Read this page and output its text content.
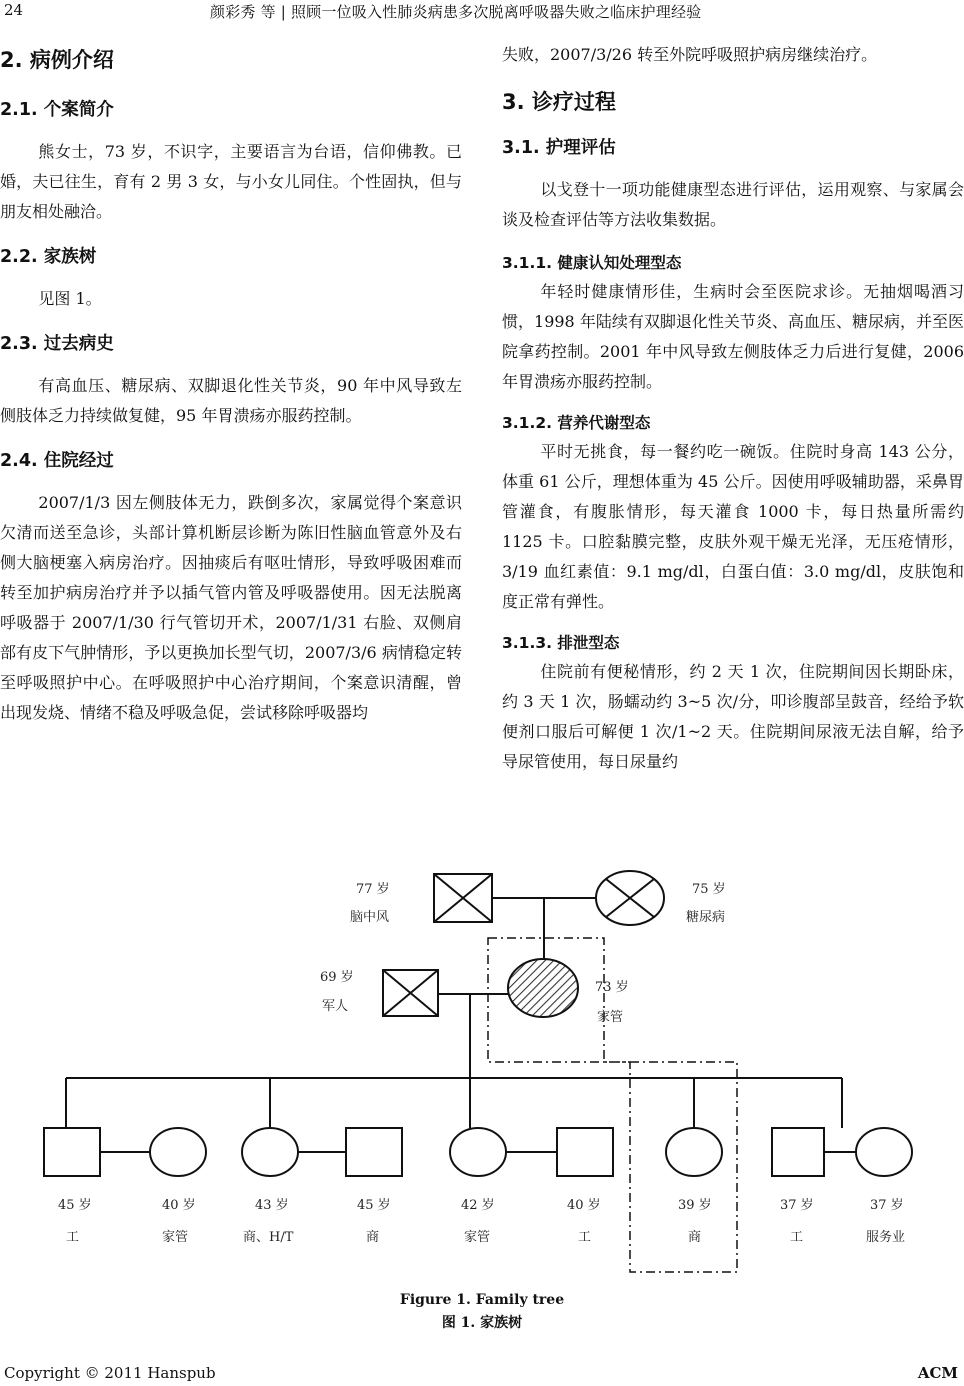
24	颜彩秀 等 | 照顾一位吸入性肺炎病患多次脱离呼吸器失败之临床护理经验
2. 病例介绍
2.1. 个案简介

熊女士，73 岁，不识字，主要语言为台语，信仰佛教。已婚，夫已往生，育有 2 男 3 女，与小女儿同住。个性固执，但与朋友相处融洽。

2.2. 家族树

见图 1。

2.3. 过去病史

有高血压、糖尿病、双脚退化性关节炎，90 年中风导致左侧肢体乏力持续做复健，95 年胃溃疡亦服药控制。

2.4. 住院经过

2007/1/3 因左侧肢体无力，跌倒多次，家属觉得个案意识欠清而送至急诊，头部计算机断层诊断为陈旧性脑血管意外及右侧大脑梗塞入病房治疗。因抽痰后有呕吐情形，导致呼吸困难而转至加护病房治疗并予以插气管内管及呼吸器使用。因无法脱离呼吸器于 2007/1/30 行气管切开术，2007/1/31 右脸、双侧肩部有皮下气肿情形，予以更换加长型气切，2007/3/6 病情稳定转至呼吸照护中心。在呼吸照护中心治疗期间，个案意识清醒，曾出现发烧、情绪不稳及呼吸急促，尝试移除呼吸器均

失败，2007/3/26 转至外院呼吸照护病房继续治疗。

3. 诊疗过程
3.1. 护理评估

以戈登十一项功能健康型态进行评估，运用观察、与家属会谈及检查评估等方法收集数据。

3.1.1. 健康认知处理型态

年轻时健康情形佳，生病时会至医院求诊。无抽烟喝酒习惯，1998 年陆续有双脚退化性关节炎、高血压、糖尿病，并至医院拿药控制。2001 年中风导致左侧肢体乏力后进行复健，2006 年胃溃疡亦服药控制。

3.1.2. 营养代谢型态

平时无挑食，每一餐约吃一碗饭。住院时身高 143 公分，体重 61 公斤，理想体重为 45 公斤。因使用呼吸辅助器，采鼻胃管灌食，有腹胀情形，每天灌食 1000 卡，每日热量所需约 1125 卡。口腔黏膜完整，皮肤外观干燥无光泽，无压疮情形，3/19 血红素值：9.1 mg/dl，白蛋白值：3.0 mg/dl，皮肤饱和度正常有弹性。

3.1.3. 排泄型态

住院前有便秘情形，约 2 天 1 次，住院期间因长期卧床，约 3 天 1 次，肠蠕动约 3~5 次/分，叩诊腹部呈鼓音，经给予软便剂口服后可解便 1 次/1~2 天。住院期间尿液无法自解，给予导尿管使用，每日尿量约

77 岁
脑中风
75 岁
糖尿病
69 岁
军人
73 岁
家管
45 岁
工
40 岁
家管
43 岁
商、H/T
45 岁
商
42 岁
家管
40 岁
工
39 岁
商
37 岁
工
37 岁
服务业
Figure 1. Family tree
图 1. 家族树
Copyright © 2011 Hanspub	ACM
